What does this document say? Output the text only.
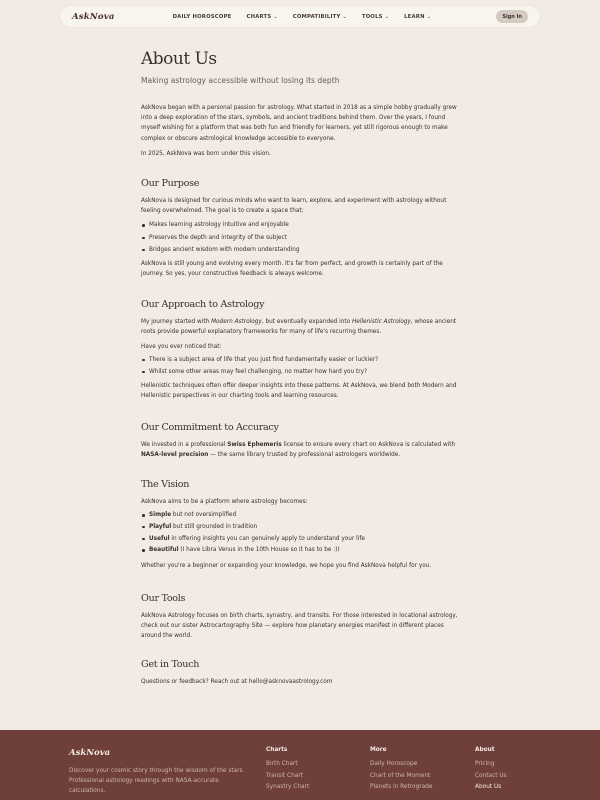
AskNova	DAILY HOROSCOPE	CHARTS ⌄	COMPATIBILITY ⌄	TOOLS ⌄	LEARN ⌄	Sign In
About Us
Making astrology accessible without losing its depth

AskNova began with a personal passion for astrology. What started in 2018 as a simple hobby gradually grew into a deep exploration of the stars, symbols, and ancient traditions behind them. Over the years, I found myself wishing for a platform that was both fun and friendly for learners, yet still rigorous enough to make complex or obscure astrological knowledge accessible to everyone.

In 2025, AskNova was born under this vision.

Our Purpose

AskNova is designed for curious minds who want to learn, explore, and experiment with astrology without feeling overwhelmed. The goal is to create a space that:

Makes learning astrology intuitive and enjoyable
Preserves the depth and integrity of the subject
Bridges ancient wisdom with modern understanding

AskNova is still young and evolving every month. It's far from perfect, and growth is certainly part of the journey. So yes, your constructive feedback is always welcome.

Our Approach to Astrology

My journey started with Modern Astrology, but eventually expanded into Hellenistic Astrology, whose ancient roots provide powerful explanatory frameworks for many of life's recurring themes.

Have you ever noticed that:

There is a subject area of life that you just find fundamentally easier or luckier?
Whilst some other areas may feel challenging, no matter how hard you try?

Hellenistic techniques often offer deeper insights into these patterns. At AskNova, we blend both Modern and Hellenistic perspectives in our charting tools and learning resources.

Our Commitment to Accuracy

We invested in a professional Swiss Ephemeris license to ensure every chart on AskNova is calculated with NASA-level precision — the same library trusted by professional astrologers worldwide.

The Vision

AskNova aims to be a platform where astrology becomes:

Simple but not oversimplified
Playful but still grounded in tradition
Useful in offering insights you can genuinely apply to understand your life
Beautiful (I have Libra Venus in the 10th House so it has to be :))

Whether you're a beginner or expanding your knowledge, we hope you find AskNova helpful for you.

Our Tools

AskNova Astrology focuses on birth charts, synastry, and transits. For those interested in locational astrology, check out our sister Astrocartography Site — explore how planetary energies manifest in different places around the world.

Get in Touch

Questions or feedback? Reach out at hello@asknovaastrology.com

AskNova
Discover your cosmic story through the wisdom of the stars. Professional astrology readings with NASA-accurate calculations.
Charts
Birth Chart
Transit Chart
Synastry Chart
More
Daily Horoscope
Chart of the Moment
Planets in Retrograde
About
Pricing
Contact Us
About Us
